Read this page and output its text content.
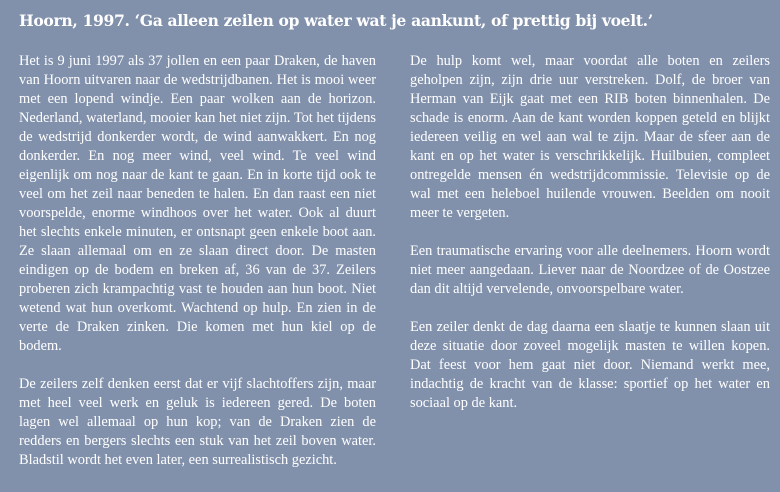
Hoorn, 1997. ‘Ga alleen zeilen op water wat je aankunt, of prettig bij voelt.’

Het is 9 juni 1997 als 37 jollen en een paar Draken, de haven van Hoorn uitvaren naar de wedstrijdbanen. Het is mooi weer met een lopend windje. Een paar wolken aan de horizon. Nederland, waterland, mooier kan het niet zijn. Tot het tijdens de wedstrijd donkerder wordt, de wind aanwakkert. En nog donkerder. En nog meer wind, veel wind. Te veel wind eigenlijk om nog naar de kant te gaan. En in korte tijd ook te veel om het zeil naar beneden te halen. En dan raast een niet voorspelde, enorme windhoos over het water. Ook al duurt het slechts enkele minuten, er ontsnapt geen enkele boot aan. Ze slaan allemaal om en ze slaan direct door. De masten eindigen op de bodem en breken af, 36 van de 37. Zeilers proberen zich krampachtig vast te houden aan hun boot. Niet wetend wat hun overkomt. Wachtend op hulp. En zien in de verte de Draken zinken. Die komen met hun kiel op de bodem.

De zeilers zelf denken eerst dat er vijf slachtoffers zijn, maar met heel veel werk en geluk is iedereen gered. De boten lagen wel allemaal op hun kop; van de Draken zien de redders en bergers slechts een stuk van het zeil boven water. Bladstil wordt het even later, een surrealistisch gezicht.

De hulp komt wel, maar voordat alle boten en zeilers geholpen zijn, zijn drie uur verstreken. Dolf, de broer van Herman van Eijk gaat met een RIB boten binnenhalen. De schade is enorm. Aan de kant worden koppen geteld en blijkt iedereen veilig en wel aan wal te zijn. Maar de sfeer aan de kant en op het water is verschrikkelijk. Huilbuien, compleet ontregelde mensen én wedstrijdcommissie. Televisie op de wal met een heleboel huilende vrouwen. Beelden om nooit meer te vergeten.

Een traumatische ervaring voor alle deelnemers. Hoorn wordt niet meer aangedaan. Liever naar de Noordzee of de Oostzee dan dit altijd vervelende, onvoorspelbare water.

Een zeiler denkt de dag daarna een slaatje te kunnen slaan uit deze situatie door zoveel mogelijk masten te willen kopen. Dat feest voor hem gaat niet door. Niemand werkt mee, indachtig de kracht van de klasse: sportief op het water en sociaal op de kant.
